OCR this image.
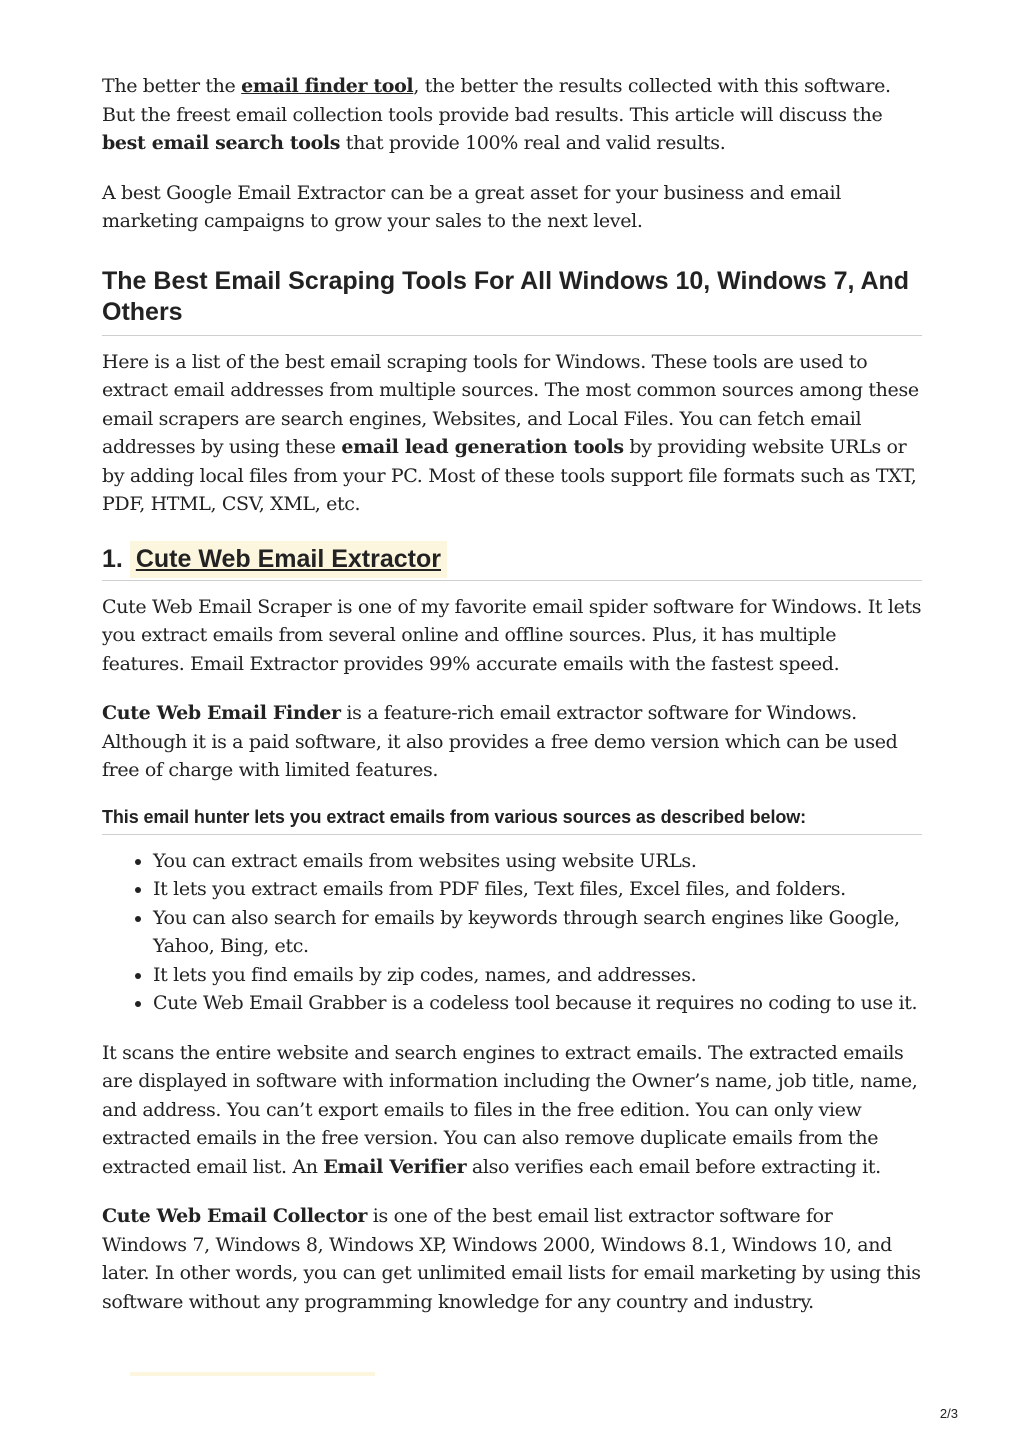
The better the email finder tool, the better the results collected with this software. But the freest email collection tools provide bad results. This article will discuss the best email search tools that provide 100% real and valid results.

A best Google Email Extractor can be a great asset for your business and email marketing campaigns to grow your sales to the next level.

The Best Email Scraping Tools For All Windows 10, Windows 7, And Others

Here is a list of the best email scraping tools for Windows. These tools are used to extract email addresses from multiple sources. The most common sources among these email scrapers are search engines, Websites, and Local Files. You can fetch email addresses by using these email lead generation tools by providing website URLs or by adding local files from your PC. Most of these tools support file formats such as TXT, PDF, HTML, CSV, XML, etc.

1. Cute Web Email Extractor

Cute Web Email Scraper is one of my favorite email spider software for Windows. It lets you extract emails from several online and offline sources. Plus, it has multiple features. Email Extractor provides 99% accurate emails with the fastest speed.

Cute Web Email Finder is a feature-rich email extractor software for Windows. Although it is a paid software, it also provides a free demo version which can be used free of charge with limited features.

This email hunter lets you extract emails from various sources as described below:
• You can extract emails from websites using website URLs.
• It lets you extract emails from PDF files, Text files, Excel files, and folders.
• You can also search for emails by keywords through search engines like Google, Yahoo, Bing, etc.
• It lets you find emails by zip codes, names, and addresses.
• Cute Web Email Grabber is a codeless tool because it requires no coding to use it.

It scans the entire website and search engines to extract emails. The extracted emails are displayed in software with information including the Owner’s name, job title, name, and address. You can’t export emails to files in the free edition. You can only view extracted emails in the free version. You can also remove duplicate emails from the extracted email list. An Email Verifier also verifies each email before extracting it.

Cute Web Email Collector is one of the best email list extractor software for Windows 7, Windows 8, Windows XP, Windows 2000, Windows 8.1, Windows 10, and later. In other words, you can get unlimited email lists for email marketing by using this software without any programming knowledge for any country and industry.

2/3
